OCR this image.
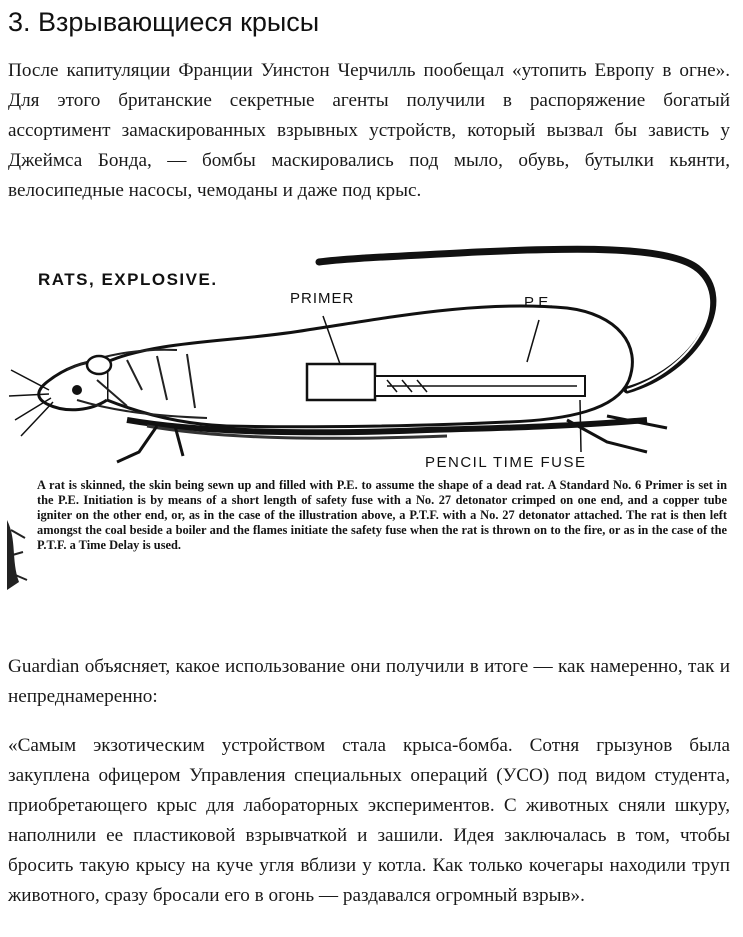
3. Взрывающиеся крысы

После капитуляции Франции Уинстон Черчилль пообещал «утопить Европу в огне». Для этого британские секретные агенты получили в распоряжение богатый ассортимент замаскированных взрывных устройств, который вызвал бы зависть у Джеймса Бонда, — бомбы маскировались под мыло, обувь, бутылки кьянти, велосипедные насосы, чемоданы и даже под крыс.

RATS, EXPLOSIVE.

PRIMER	P.E.

PENCIL TIME FUSE

A rat is skinned, the skin being sewn up and filled with P.E. to assume the shape of a dead rat. A Standard No. 6 Primer is set in the P.E. Initiation is by means of a short length of safety fuse with a No. 27 detonator crimped on one end, and a copper tube igniter on the other end, or, as in the case of the illustration above, a P.T.F. with a No. 27 detonator attached. The rat is then left amongst the coal beside a boiler and the flames initiate the safety fuse when the rat is thrown on to the fire, or as in the case of the P.T.F. a Time Delay is used.

Guardian объясняет, какое использование они получили в итоге — как намеренно, так и непреднамеренно:

«Самым экзотическим устройством стала крыса-бомба. Сотня грызунов была закуплена офицером Управления специальных операций (УСО) под видом студента, приобретающего крыс для лабораторных экспериментов. С животных сняли шкуру, наполнили ее пластиковой взрывчаткой и зашили. Идея заключалась в том, чтобы бросить такую крысу на куче угля вблизи у котла. Как только кочегары находили труп животного, сразу бросали его в огонь — раздавался огромный взрыв».
